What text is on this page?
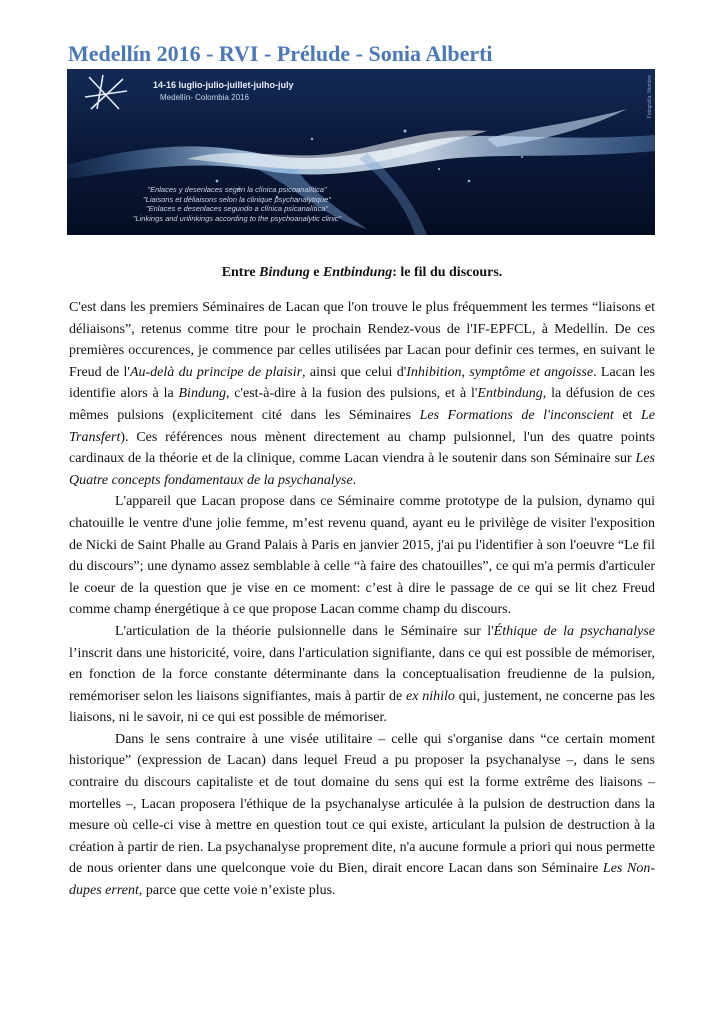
Medellín 2016 - RVI - Prélude - Sonia Alberti
14-16 luglio-julio-juillet-julho-july
Medellín- Colombia 2016	Fotografía: Nombre
"Enlaces y desenlaces según la clínica psicoanalítica"
"Liaisons et déliaisons selon la clinique psychanalytique"
"Enlaces e desenlaces segundo a clínica psicanalítica"
"Linkings and unlinkings according to the psychoanalytic clinic"
Entre Bindung e Entbindung: le fil du discours.

C'est dans les premiers Séminaires de Lacan que l'on trouve le plus fréquemment les termes “liaisons et déliaisons”, retenus comme titre pour le prochain Rendez-vous de l'IF-EPFCL, à Medellín. De ces premières occurences, je commence par celles utilisées par Lacan pour definir ces termes, en suivant le Freud de l'Au-delà du principe de plaisir, ainsi que celui d'Inhibition, symptôme et angoisse. Lacan les identifie alors à la Bindung, c'est-à-dire à la fusion des pulsions, et à l'Entbindung, la défusion de ces mêmes pulsions (explicitement cité dans les Séminaires Les Formations de l'inconscient et Le Transfert). Ces références nous mènent directement au champ pulsionnel, l'un des quatre points cardinaux de la théorie et de la clinique, comme Lacan viendra à le soutenir dans son Séminaire sur Les Quatre concepts fondamentaux de la psychanalyse.

L'appareil que Lacan propose dans ce Séminaire comme prototype de la pulsion, dynamo qui chatouille le ventre d'une jolie femme, m’est revenu quand, ayant eu le privilège de visiter l'exposition de Nicki de Saint Phalle au Grand Palais à Paris en janvier 2015, j'ai pu l'identifier à son l'oeuvre “Le fil du discours”; une dynamo assez semblable à celle “à faire des chatouilles”, ce qui m'a permis d'articuler le coeur de la question que je vise en ce moment: c’est à dire le passage de ce qui se lit chez Freud comme champ énergétique à ce que propose Lacan comme champ du discours.

L'articulation de la théorie pulsionnelle dans le Séminaire sur l'Éthique de la psychanalyse l’inscrit dans une historicité, voire, dans l'articulation signifiante, dans ce qui est possible de mémoriser, en fonction de la force constante déterminante dans la conceptualisation freudienne de la pulsion, remémoriser selon les liaisons signifiantes, mais à partir de ex nihilo qui, justement, ne concerne pas les liaisons, ni le savoir, ni ce qui est possible de mémoriser.

Dans le sens contraire à une visée utilitaire – celle qui s'organise dans “ce certain moment historique” (expression de Lacan) dans lequel Freud a pu proposer la psychanalyse –, dans le sens contraire du discours capitaliste et de tout domaine du sens qui est la forme extrême des liaisons – mortelles –, Lacan proposera l'éthique de la psychanalyse articulée à la pulsion de destruction dans la mesure où celle-ci vise à mettre en question tout ce qui existe, articulant la pulsion de destruction à la création à partir de rien. La psychanalyse proprement dite, n'a aucune formule a priori qui nous permette de nous orienter dans une quelconque voie du Bien, dirait encore Lacan dans son Séminaire Les Non-dupes errent, parce que cette voie n’existe plus.
